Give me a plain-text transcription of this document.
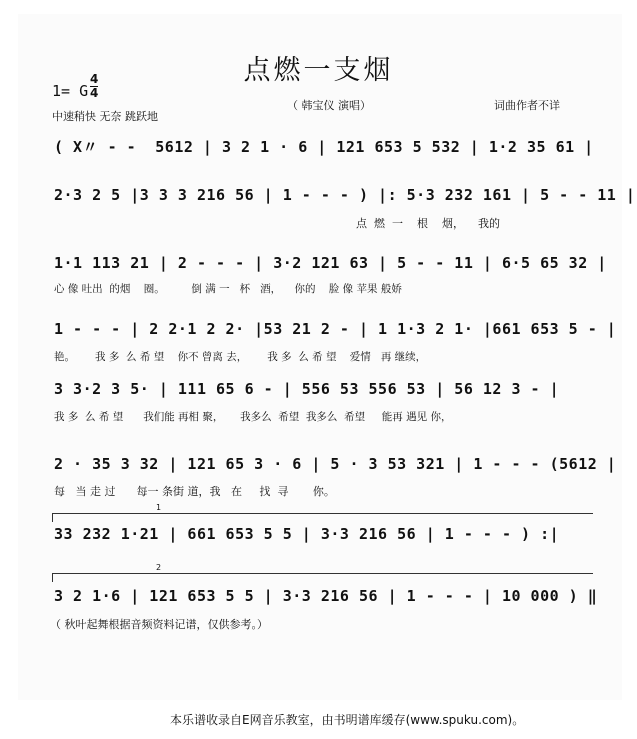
点燃一支烟
1= G
4
4
中速稍快 无奈 跳跃地
（ 韩宝仪 演唱）	词曲作者不详
( X〃 - -  5612 | 3 2 1 · 6 | 121 653 5 532 | 1·2 35 61 |
2·3 2 5 |3 3 3 216 56 | 1 - - - ) |: 5·3 232 161 | 5 - - 11 |
点  燃  一    根    烟，    我的
1·1 113 21 | 2 - - - | 3·2 121 63 | 5 - - 11 | 6·5 65 32 |
心 像 吐出  的烟    圈。        倒 满 一   杯   酒，    你的    脸 像 苹果 般娇
1 - - - | 2 2·1 2 2· |53 21 2 - | 1 1·3 2 1· |661 653 5 - |
艳。      我 多  么 希 望    你不 曾离 去，      我 多  么 希 望    爱情   再 继续，
3 3·2 3 5· | 111 65 6 - | 556 53 556 53 | 56 12 3 - |
我 多  么 希 望      我们能 再相 聚，     我多么  希望  我多么  希望     能再 遇见 你，
2 · 35 3 32 | 121 65 3 · 6 | 5 · 3 53 321 | 1 - - - (5612 |
每   当 走 过      每一 条街 道，我   在     找  寻       你。
1
33 232 1·21 | 661 653 5 5 | 3·3 216 56 | 1 - - - ) :|
2
3 2 1·6 | 121 653 5 5 | 3·3 216 56 | 1 - - - | 10 000 ) ‖
（ 秋叶起舞根据音频资料记谱，仅供参考。）
本乐谱收录自E网音乐教室，由书明谱库缓存(www.spuku.com)。
